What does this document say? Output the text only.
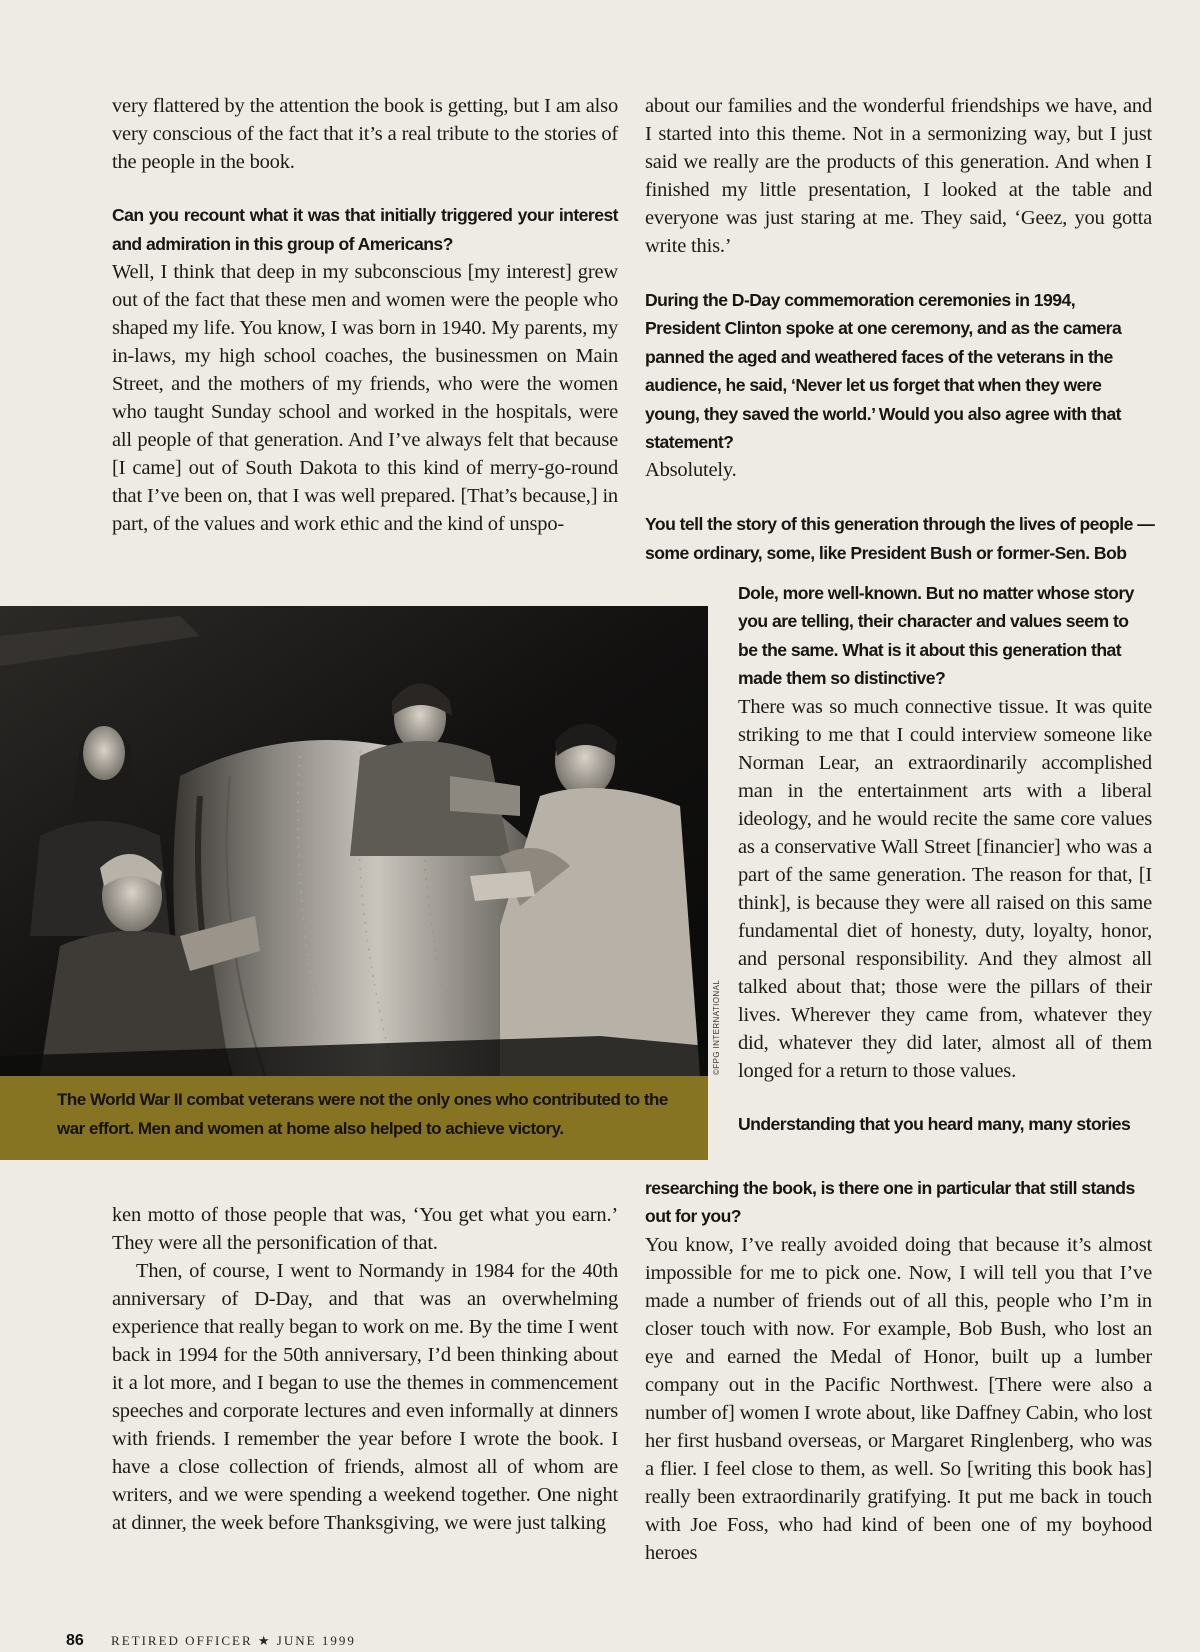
very flattered by the attention the book is getting, but I am also very conscious of the fact that it’s a real tribute to the stories of the people in the book.

Can you recount what it was that initially triggered your interest and admiration in this group of Americans?

Well, I think that deep in my subconscious [my interest] grew out of the fact that these men and women were the people who shaped my life. You know, I was born in 1940. My parents, my in-laws, my high school coaches, the businessmen on Main Street, and the mothers of my friends, who were the women who taught Sunday school and worked in the hospitals, were all people of that generation. And I’ve always felt that because [I came] out of South Dakota to this kind of merry-go-round that I’ve been on, that I was well prepared. [That’s because,] in part, of the values and work ethic and the kind of unspo-

©FPG INTERNATIONAL
The World War II combat veterans were not the only ones who contributed to the war effort. Men and women at home also helped to achieve victory.

ken motto of those people that was, ‘You get what you earn.’ They were all the personification of that.

Then, of course, I went to Normandy in 1984 for the 40th anniversary of D-Day, and that was an overwhelming experience that really began to work on me. By the time I went back in 1994 for the 50th anniversary, I’d been thinking about it a lot more, and I began to use the themes in commencement speeches and corporate lectures and even informally at dinners with friends. I remember the year before I wrote the book. I have a close collection of friends, almost all of whom are writers, and we were spending a weekend together. One night at dinner, the week before Thanksgiving, we were just talking

about our families and the wonderful friendships we have, and I started into this theme. Not in a sermonizing way, but I just said we really are the products of this generation. And when I finished my little presentation, I looked at the table and everyone was just staring at me. They said, ‘Geez, you gotta write this.’

During the D-Day commemoration ceremonies in 1994, President Clinton spoke at one ceremony, and as the camera panned the aged and weathered faces of the veterans in the audience, he said, ‘Never let us forget that when they were young, they saved the world.’ Would you also agree with that statement?

Absolutely.

You tell the story of this generation through the lives of people —

some ordinary, some, like President Bush or former-Sen. Bob

Dole, more well-known. But no matter whose story you are telling, their character and values seem to be the same. What is it about this generation that made them so distinctive?

There was so much connective tissue. It was quite striking to me that I could interview someone like Norman Lear, an extraordinarily accomplished man in the entertainment arts with a liberal ideology, and he would recite the same core values as a conservative Wall Street [financier] who was a part of the same generation. The reason for that, [I think], is because they were all raised on this same fundamental diet of honesty, duty, loyalty, honor, and personal responsibility. And they almost all talked about that; those were the pillars of their lives. Wherever they came from, whatever they did, whatever they did later, almost all of them longed for a return to those values.

Understanding that you heard many, many stories

researching the book, is there one in particular that still stands out for you?

You know, I’ve really avoided doing that because it’s almost impossible for me to pick one. Now, I will tell you that I’ve made a number of friends out of all this, people who I’m in closer touch with now. For example, Bob Bush, who lost an eye and earned the Medal of Honor, built up a lumber company out in the Pacific Northwest. [There were also a number of] women I wrote about, like Daffney Cabin, who lost her first husband overseas, or Margaret Ringlenberg, who was a flier. I feel close to them, as well. So [writing this book has] really been extraordinarily gratifying. It put me back in touch with Joe Foss, who had kind of been one of my boyhood heroes

86 RETIRED OFFICER ★ JUNE 1999
